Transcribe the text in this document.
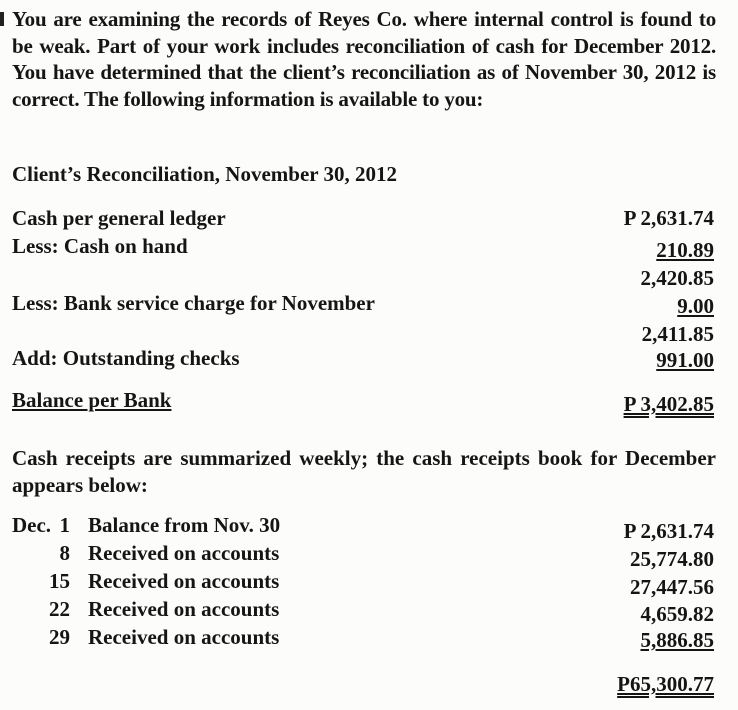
You are examining the records of Reyes Co. where internal control is found to be weak. Part of your work includes reconciliation of cash for December 2012. You have determined that the client’s reconciliation as of November 30, 2012 is correct. The following information is available to you:
Client’s Reconciliation, November 30, 2012
Cash per general ledger	P 2,631.74
Less: Cash on hand	210.89
2,420.85
Less: Bank service charge for November	9.00
2,411.85
Add: Outstanding checks	991.00
Balance per Bank	P 3,402.85
Cash receipts are summarized weekly; the cash receipts book for December appears below:
Dec. 1 Balance from Nov. 30	P 2,631.74
8 Received on accounts	25,774.80
15 Received on accounts	27,447.56
22 Received on accounts	4,659.82
29 Received on accounts	5,886.85
P65,300.77
